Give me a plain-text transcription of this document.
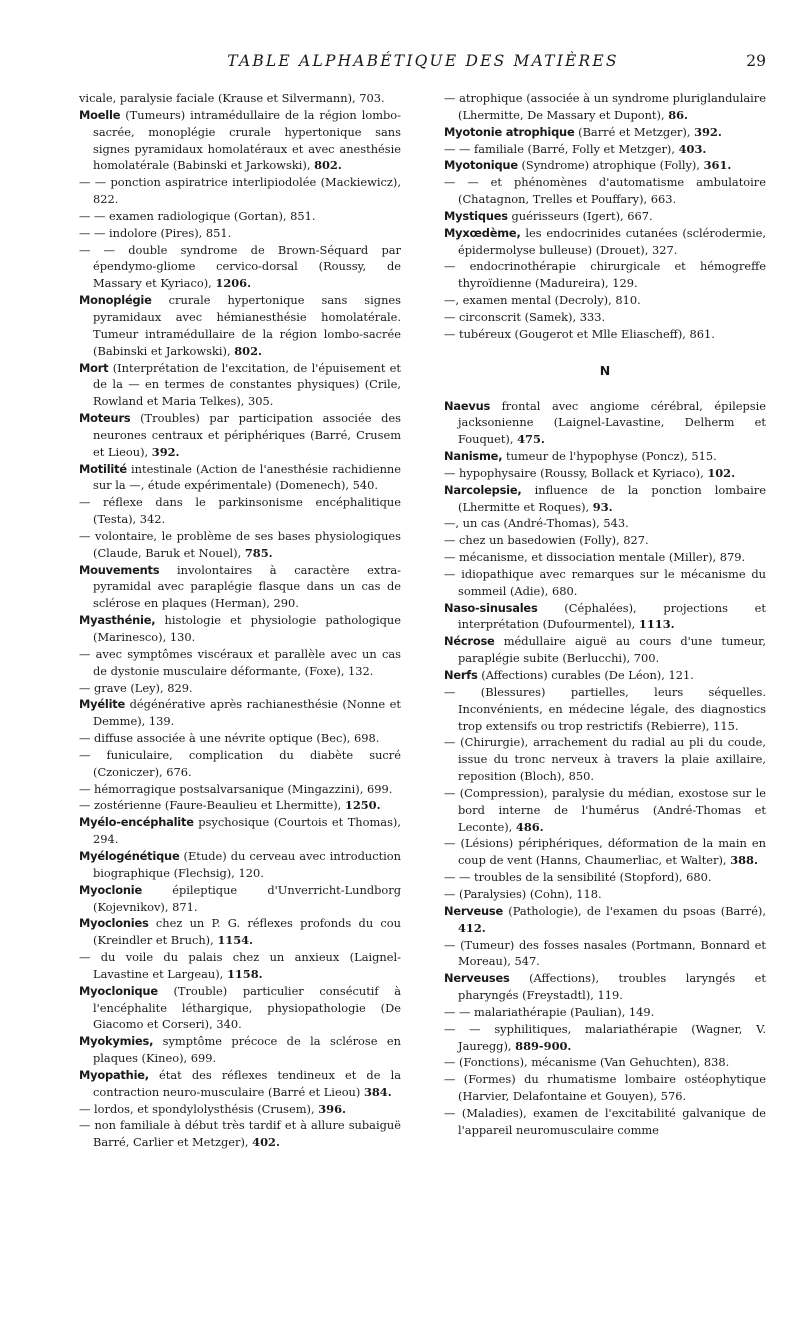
TABLE ALPHABÉTIQUE DES MATIÈRES	29

vicale, paralysie faciale (Krause et Silvermann), 703.

Moelle (Tumeurs) intramédullaire de la région lombo-sacrée, monoplégie crurale hypertonique sans signes pyramidaux homolatéraux et avec anesthésie homolatérale (Babinski et Jarkowski), 802.

— — ponction aspiratrice interlipiodolée (Mackiewicz), 822.

— — examen radiologique (Gortan), 851.

— — indolore (Pires), 851.

— — double syndrome de Brown-Séquard par épendymo-gliome cervico-dorsal (Roussy, de Massary et Kyriaco), 1206.

Monoplégie crurale hypertonique sans signes pyramidaux avec hémianesthésie homolatérale. Tumeur intramédullaire de la région lombo-sacrée (Babinski et Jarkowski), 802.

Mort (Interprétation de l'excitation, de l'épuisement et de la — en termes de constantes physiques) (Crile, Rowland et Maria Telkes), 305.

Moteurs (Troubles) par participation associée des neurones centraux et périphériques (Barré, Crusem et Lieou), 392.

Motilité intestinale (Action de l'anesthésie rachidienne sur la —, étude expérimentale) (Domenech), 540.

— réflexe dans le parkinsonisme encéphalitique (Testa), 342.

— volontaire, le problème de ses bases physiologiques (Claude, Baruk et Nouel), 785.

Mouvements involontaires à caractère extra-pyramidal avec paraplégie flasque dans un cas de sclérose en plaques (Herman), 290.

Myasthénie, histologie et physiologie pathologique (Marinesco), 130.

— avec symptômes viscéraux et parallèle avec un cas de dystonie musculaire déformante, (Foxe), 132.

— grave (Ley), 829.

Myélite dégénérative après rachianesthésie (Nonne et Demme), 139.

— diffuse associée à une névrite optique (Bec), 698.

— funiculaire, complication du diabète sucré (Czoniczer), 676.

— hémorragique postsalvarsanique (Mingazzini), 699.

— zostérienne (Faure-Beaulieu et Lhermitte), 1250.

Myélo-encéphalite psychosique (Courtois et Thomas), 294.

Myélogénétique (Etude) du cerveau avec introduction biographique (Flechsig), 120.

Myoclonie épileptique d'Unverricht-Lundborg (Kojevnikov), 871.

Myoclonies chez un P. G. réflexes profonds du cou (Kreindler et Bruch), 1154.

— du voile du palais chez un anxieux (Laignel-Lavastine et Largeau), 1158.

Myoclonique (Trouble) particulier consécutif à l'encéphalite léthargique, physiopathologie (De Giacomo et Corseri), 340.

Myokymies, symptôme précoce de la sclérose en plaques (Kineo), 699.

Myopathie, état des réflexes tendineux et de la contraction neuro-musculaire (Barré et Lieou) 384.

— lordos, et spondylolysthésis (Crusem), 396.

— non familiale à début très tardif et à allure subaiguë Barré, Carlier et Metzger), 402.

— atrophique (associée à un syndrome pluriglandulaire (Lhermitte, De Massary et Dupont), 86.

Myotonie atrophique (Barré et Metzger), 392.

— — familiale (Barré, Folly et Metzger), 403.

Myotonique (Syndrome) atrophique (Folly), 361.

— — et phénomènes d'automatisme ambulatoire (Chatagnon, Trelles et Pouffary), 663.

Mystiques guérisseurs (Igert), 667.

Myxœdème, les endocrinides cutanées (sclérodermie, épidermolyse bulleuse) (Drouet), 327.

— endocrinothérapie chirurgicale et hémogreffe thyroïdienne (Madureira), 129.

—, examen mental (Decroly), 810.

— circonscrit (Samek), 333.

— tubéreux (Gougerot et Mlle Eliascheff), 861.

N

Naevus frontal avec angiome cérébral, épilepsie jacksonienne (Laignel-Lavastine, Delherm et Fouquet), 475.

Nanisme, tumeur de l'hypophyse (Poncz), 515.

— hypophysaire (Roussy, Bollack et Kyriaco), 102.

Narcolepsie, influence de la ponction lombaire (Lhermitte et Roques), 93.

—, un cas (André-Thomas), 543.

— chez un basedowien (Folly), 827.

— mécanisme, et dissociation mentale (Miller), 879.

— idiopathique avec remarques sur le mécanisme du sommeil (Adie), 680.

Naso-sinusales (Céphalées), projections et interprétation (Dufourmentel), 1113.

Nécrose médullaire aiguë au cours d'une tumeur, paraplégie subite (Berlucchi), 700.

Nerfs (Affections) curables (De Léon), 121.

— (Blessures) partielles, leurs séquelles. Inconvénients, en médecine légale, des diagnostics trop extensifs ou trop restrictifs (Rebierre), 115.

— (Chirurgie), arrachement du radial au pli du coude, issue du tronc nerveux à travers la plaie axillaire, reposition (Bloch), 850.

— (Compression), paralysie du médian, exostose sur le bord interne de l'humérus (André-Thomas et Leconte), 486.

— (Lésions) périphériques, déformation de la main en coup de vent (Hanns, Chaumerliac, et Walter), 388.

— — troubles de la sensibilité (Stopford), 680.

— (Paralysies) (Cohn), 118.

Nerveuse (Pathologie), de l'examen du psoas (Barré), 412.

— (Tumeur) des fosses nasales (Portmann, Bonnard et Moreau), 547.

Nerveuses (Affections), troubles laryngés et pharyngés (Freystadtl), 119.

— — malariathérapie (Paulian), 149.

— — syphilitiques, malariathérapie (Wagner, V. Jauregg), 889-900.

— (Fonctions), mécanisme (Van Gehuchten), 838.

— (Formes) du rhumatisme lombaire ostéophytique (Harvier, Delafontaine et Gouyen), 576.

— (Maladies), examen de l'excitabilité galvanique de l'appareil neuromusculaire comme
